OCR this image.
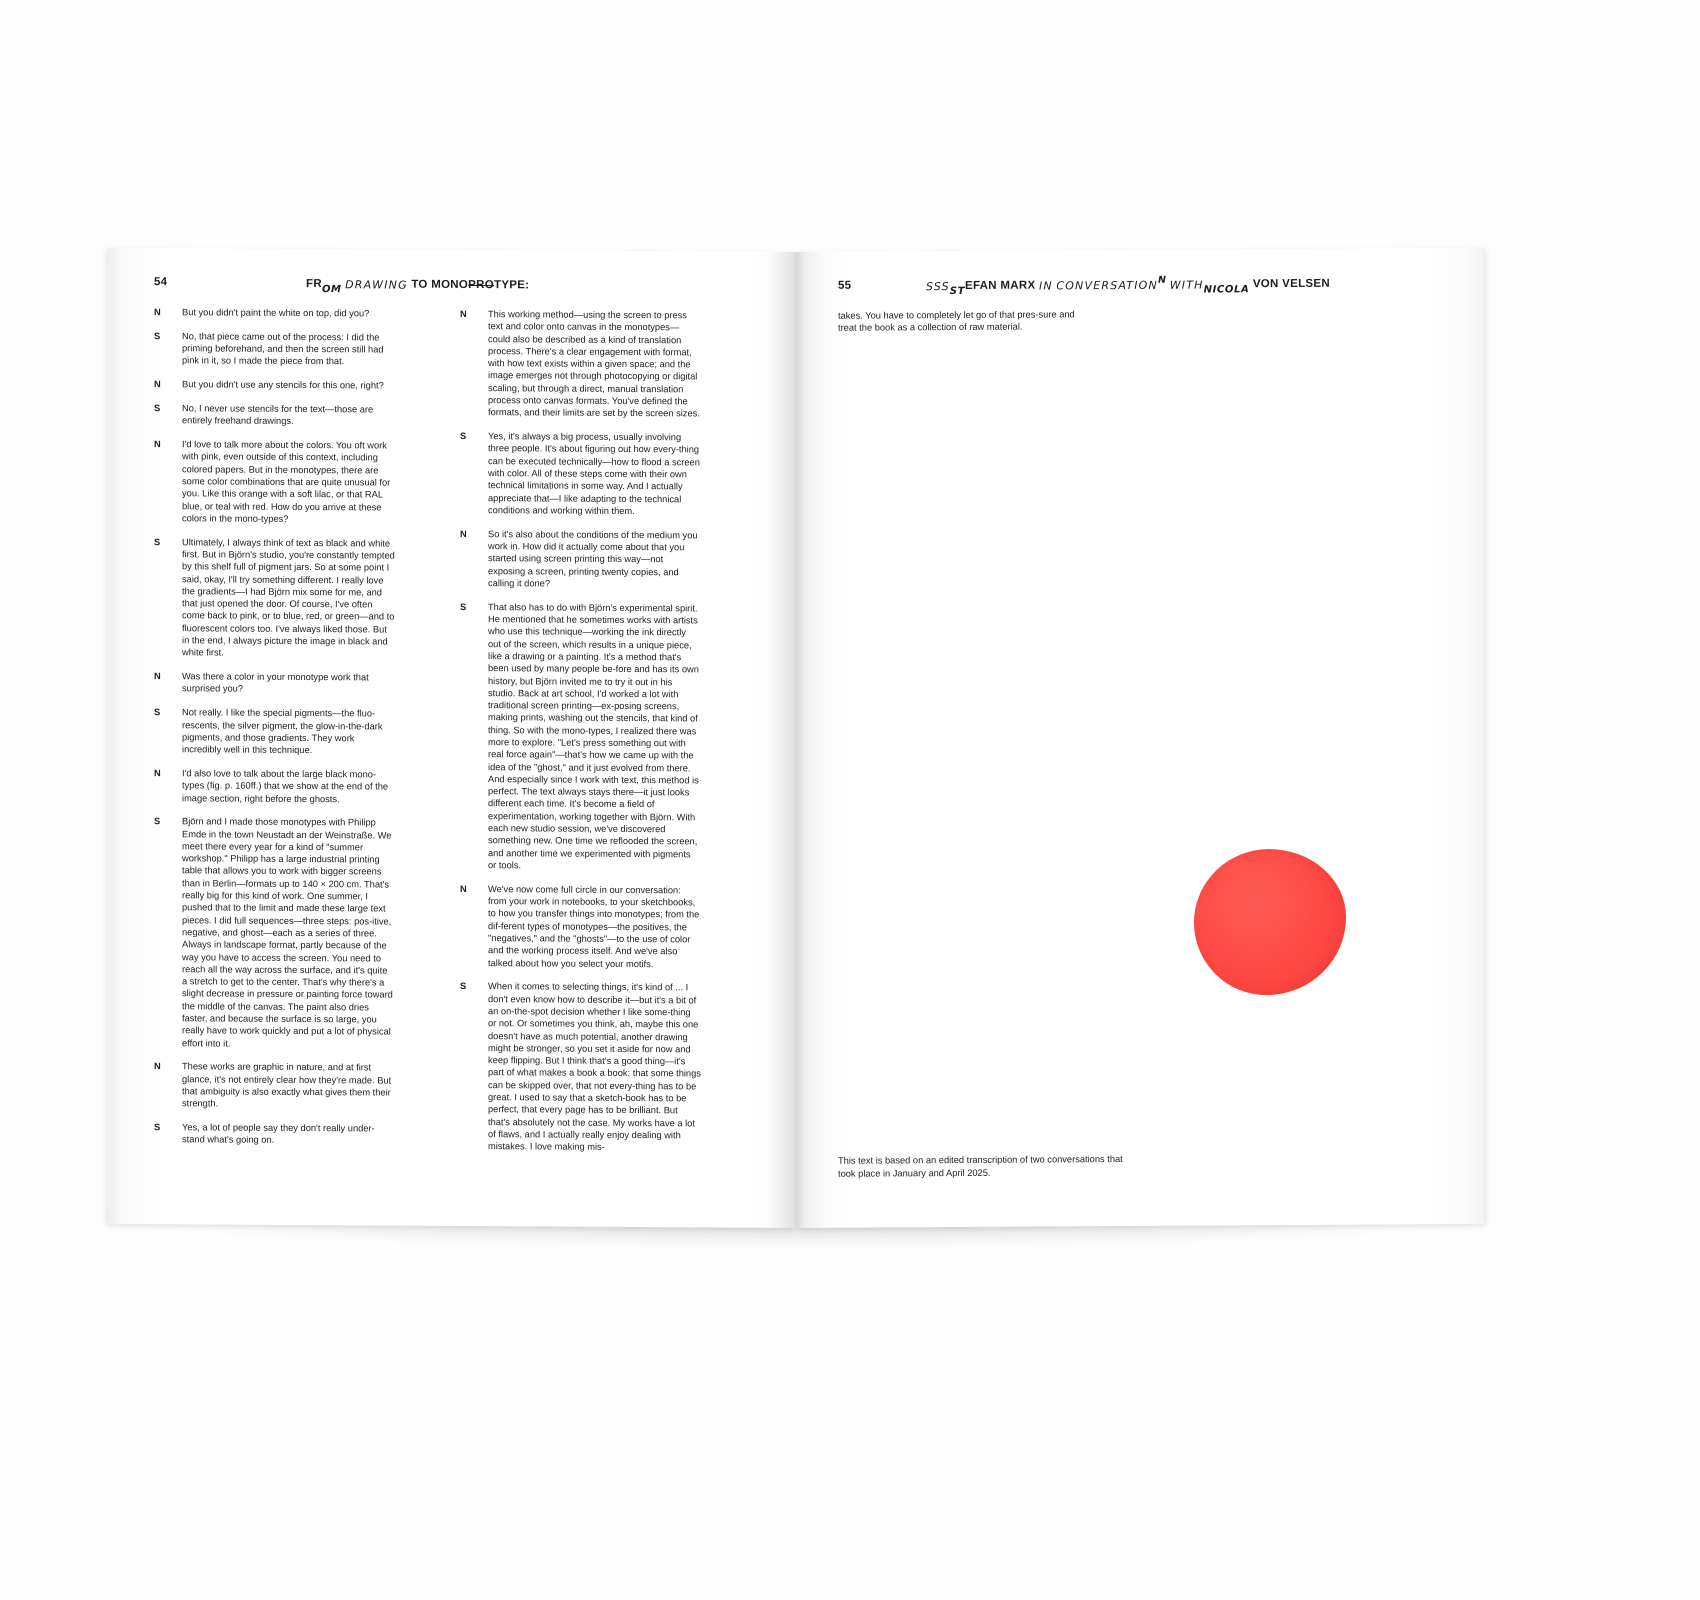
54	FROM DRAWING TO MONOPROTYPE:
N	But you didn't paint the white on top, did you?
S	No, that piece came out of the process: I did the priming beforehand, and then the screen still had pink in it, so I made the piece from that.
N	But you didn't use any stencils for this one, right?
S	No, I never use stencils for the text—those are entirely freehand drawings.
N	I'd love to talk more about the colors. You oft work with pink, even outside of this context, including colored papers. But in the monotypes, there are some color combinations that are quite unusual for you. Like this orange with a soft lilac, or that RAL blue, or teal with red. How do you arrive at these colors in the mono-types?
S	Ultimately, I always think of text as black and white first. But in Björn's studio, you're constantly tempted by this shelf full of pigment jars. So at some point I said, okay, I'll try something different. I really love the gradients—I had Björn mix some for me, and that just opened the door. Of course, I've often come back to pink, or to blue, red, or green—and to fluorescent colors too. I've always liked those. But in the end, I always picture the image in black and white first.
N	Was there a color in your monotype work that surprised you?
S	Not really. I like the special pigments—the fluo-rescents, the silver pigment, the glow-in-the-dark pigments, and those gradients. They work incredibly well in this technique.
N	I'd also love to talk about the large black mono-types (fig. p. 160ff.) that we show at the end of the image section, right before the ghosts.
S	Björn and I made those monotypes with Philipp Emde in the town Neustadt an der Weinstraße. We meet there every year for a kind of "summer workshop." Philipp has a large industrial printing table that allows you to work with bigger screens than in Berlin—formats up to 140 × 200 cm. That's really big for this kind of work. One summer, I pushed that to the limit and made these large text pieces. I did full sequences—three steps: pos-itive, negative, and ghost—each as a series of three. Always in landscape format, partly because of the way you have to access the screen. You need to reach all the way across the surface, and it's quite a stretch to get to the center. That's why there's a slight decrease in pressure or painting force toward the middle of the canvas. The paint also dries faster, and because the surface is so large, you really have to work quickly and put a lot of physical effort into it.
N	These works are graphic in nature, and at first glance, it's not entirely clear how they're made. But that ambiguity is also exactly what gives them their strength.
S	Yes, a lot of people say they don't really under-stand what's going on.
N	This working method—using the screen to press text and color onto canvas in the monotypes—could also be described as a kind of translation process. There's a clear engagement with format, with how text exists within a given space; and the image emerges not through photocopying or digital scaling, but through a direct, manual translation process onto canvas formats. You've defined the formats, and their limits are set by the screen sizes.
S	Yes, it's always a big process, usually involving three people. It's about figuring out how every-thing can be executed technically—how to flood a screen with color. All of these steps come with their own technical limitations in some way. And I actually appreciate that—I like adapting to the technical conditions and working within them.
N	So it's also about the conditions of the medium you work in. How did it actually come about that you started using screen printing this way—not exposing a screen, printing twenty copies, and calling it done?
S	That also has to do with Björn's experimental spirit. He mentioned that he sometimes works with artists who use this technique—working the ink directly out of the screen, which results in a unique piece, like a drawing or a painting. It's a method that's been used by many people be-fore and has its own history, but Björn invited me to try it out in his studio. Back at art school, I'd worked a lot with traditional screen printing—ex-posing screens, making prints, washing out the stencils, that kind of thing. So with the mono-types, I realized there was more to explore. "Let's press something out with real force again"—that's how we came up with the idea of the "ghost," and it just evolved from there. And especially since I work with text, this method is perfect. The text always stays there—it just looks different each time. It's become a field of experimentation, working together with Björn. With each new studio session, we've discovered something new. One time we reflooded the screen, and another time we experimented with pigments or tools.
N	We've now come full circle in our conversation: from your work in notebooks, to your sketchbooks, to how you transfer things into monotypes; from the dif-ferent types of monotypes—the positives, the "negatives," and the "ghosts"—to the use of color and the working process itself. And we've also talked about how you select your motifs.
S	When it comes to selecting things, it's kind of ... I don't even know how to describe it—but it's a bit of an on-the-spot decision whether I like some-thing or not. Or sometimes you think, ah, maybe this one doesn't have as much potential, another drawing might be stronger, so you set it aside for now and keep flipping. But I think that's a good thing—it's part of what makes a book a book: that some things can be skipped over, that not every-thing has to be great. I used to say that a sketch-book has to be perfect, that every page has to be brilliant. But that's absolutely not the case. My works have a lot of flaws, and I actually really enjoy dealing with mistakes. I love making mis-
55	SSSSTEFAN MARX IN CONVERSATIONN WITHNICOLA VON VELSEN
takes. You have to completely let go of that pres-sure and treat the book as a collection of raw material.
This text is based on an edited transcription of two conversations that took place in January and April 2025.
